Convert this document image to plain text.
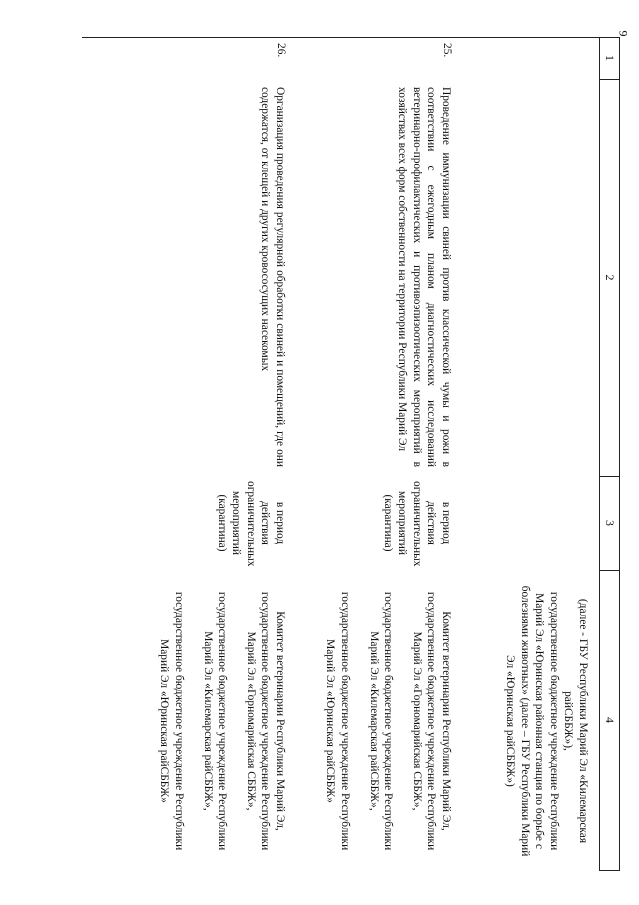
9
1
2
3
4

(далее - ГБУ Республики Марий Эл «Килемарская райСББЖ»),

государственное бюджетное учреждение Республики Марий Эл «Юринская районная станция по борьбе с болезнями животных» (далее – ГБУ Республики Марий Эл «Юринская райСББЖ»)

25.
Проведение иммунизации свиней против классической чумы и рожи в соответствии с ежегодным планом диагностических исследований ветеринарно-профилактических и противоэпизоотических мероприятий в хозяйствах всех форм собственности на территории Республики Марий Эл
в период действия ограничительных мероприятий (карантина)

Комитет ветеринарии Республики Марий Эл, государственное бюджетное учреждение Республики Марий Эл «Горномарийская СББЖ»,

государственное бюджетное учреждение Республики Марий Эл «Килемарская райСББЖ»,

государственное бюджетное учреждение Республики Марий Эл «Юринская райСББЖ»

26.
Организация проведения регулярной обработки свиней и помещений, где они содержатся, от клещей и других кровососущих насекомых
в период действия ограничительных мероприятий (карантина)

Комитет ветеринарии Республики Марий Эл, государственное бюджетное учреждение Республики Марий Эл «Горномарийская СББЖ»,

государственное бюджетное учреждение Республики Марий Эл «Килемарская райСББЖ»,

государственное бюджетное учреждение Республики Марий Эл «Юринская райСББЖ»
